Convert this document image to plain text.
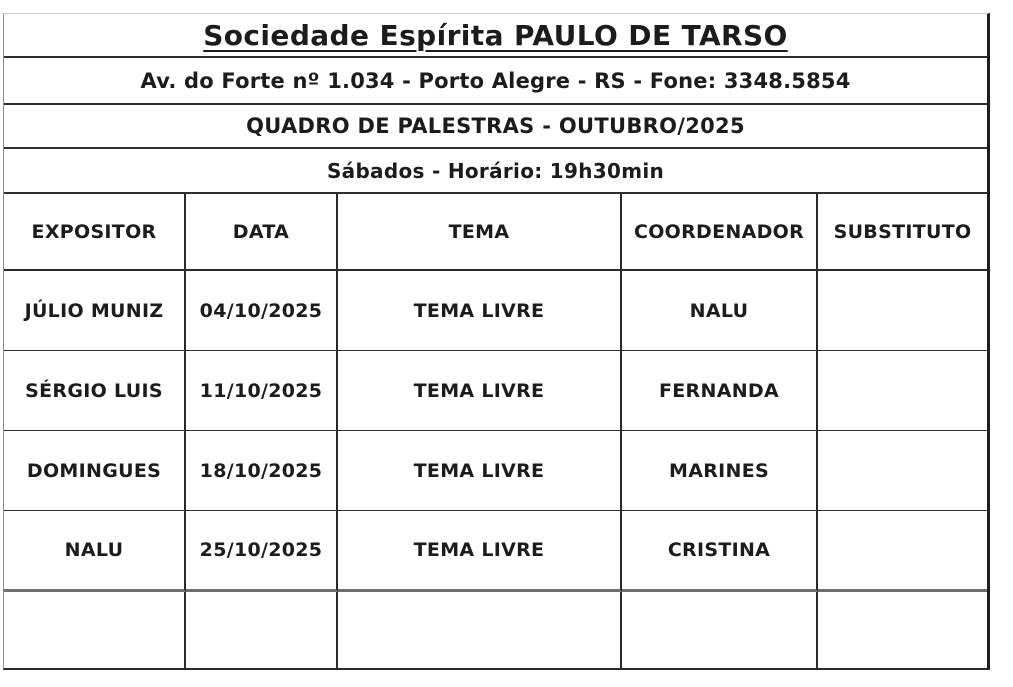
Sociedade Espírita PAULO DE TARSO
Av. do Forte nº 1.034 - Porto Alegre - RS - Fone: 3348.5854
QUADRO DE PALESTRAS - OUTUBRO/2025
Sábados - Horário: 19h30min
EXPOSITOR	DATA	TEMA	COORDENADOR	SUBSTITUTO
JÚLIO MUNIZ	04/10/2025	TEMA LIVRE	NALU
SÉRGIO LUIS	11/10/2025	TEMA LIVRE	FERNANDA
DOMINGUES	18/10/2025	TEMA LIVRE	MARINES
NALU	25/10/2025	TEMA LIVRE	CRISTINA
